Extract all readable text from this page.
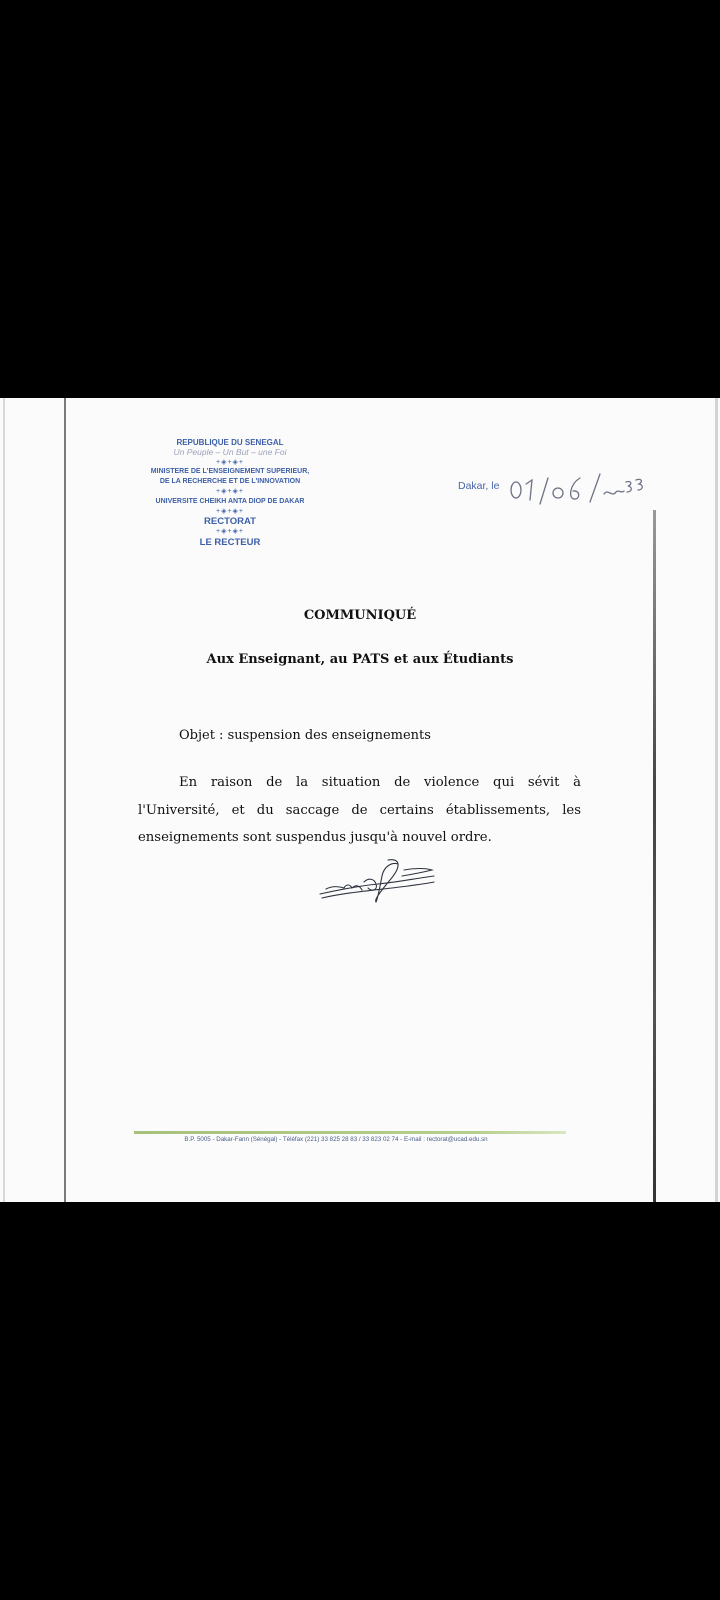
REPUBLIQUE DU SENEGAL
Un Peuple – Un But – une Foi
+◈+◈+
MINISTERE DE L'ENSEIGNEMENT SUPERIEUR,
DE LA RECHERCHE ET DE L'INNOVATION
+◈+◈+
UNIVERSITE CHEIKH ANTA DIOP DE DAKAR
+◈+◈+
RECTORAT
+◈+◈+
LE RECTEUR
Dakar, le
COMMUNIQUÉ
Aux Enseignant, au PATS et aux Étudiants
Objet : suspension des enseignements
En raison de la situation de violence qui sévit à l'Université, et du saccage de certains établissements, les enseignements sont suspendus jusqu'à nouvel ordre.
B.P. 5005 - Dakar-Fann (Sénégal) - Téléfax (221) 33 825 28 83 / 33 823 02 74 - E-mail : rectorat@ucad.edu.sn
